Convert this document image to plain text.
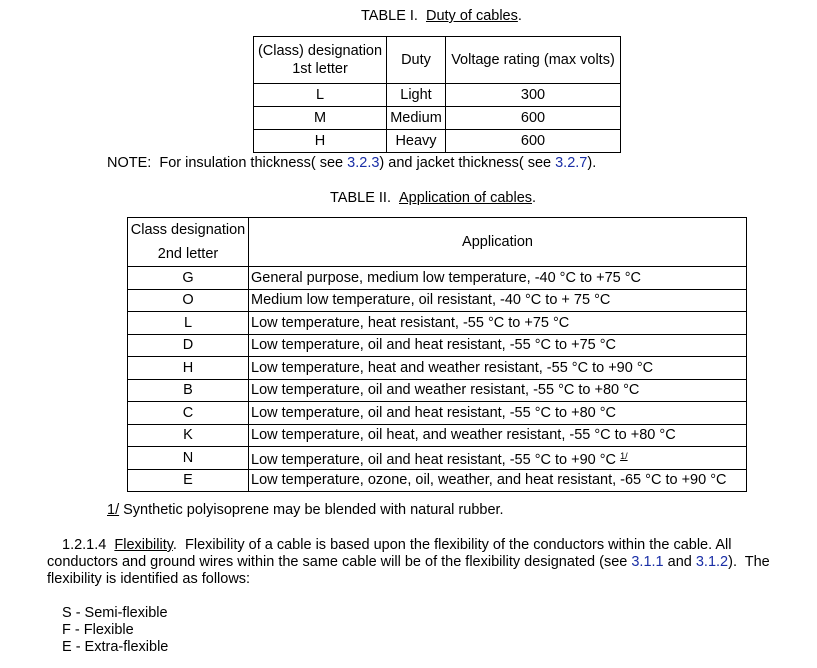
TABLE I. Duty of cables.
(Class) designation
1st letter	Duty	Voltage rating (max volts)
L	Light	300
M	Medium	600
H	Heavy	600
NOTE:  For insulation thickness( see 3.2.3) and jacket thickness( see 3.2.7).
TABLE II. Application of cables.
Class designation
2nd letter	Application
G	General purpose, medium low temperature, -40 °C to +75 °C
O	Medium low temperature, oil resistant, -40 °C to + 75 °C
L	Low temperature, heat resistant, -55 °C to +75 °C
D	Low temperature, oil and heat resistant, -55 °C to +75 °C
H	Low temperature, heat and weather resistant, -55 °C to +90 °C
B	Low temperature, oil and weather resistant, -55 °C to +80 °C
C	Low temperature, oil and heat resistant, -55 °C to +80 °C
K	Low temperature, oil heat, and weather resistant, -55 °C to +80 °C
N	Low temperature, oil and heat resistant, -55 °C to +90 °C $^{1/}$
E	Low temperature, ozone, oil, weather, and heat resistant, -65 °C to +90 °C
1/ Synthetic polyisoprene may be blended with natural rubber.
1.2.1.4 Flexibility.  Flexibility of a cable is based upon the flexibility of the conductors within the cable. All
conductors and ground wires within the same cable will be of the flexibility designated (see 3.1.1 and 3.1.2).  The
flexibility is identified as follows:
S - Semi-flexible
F - Flexible
E - Extra-flexible
